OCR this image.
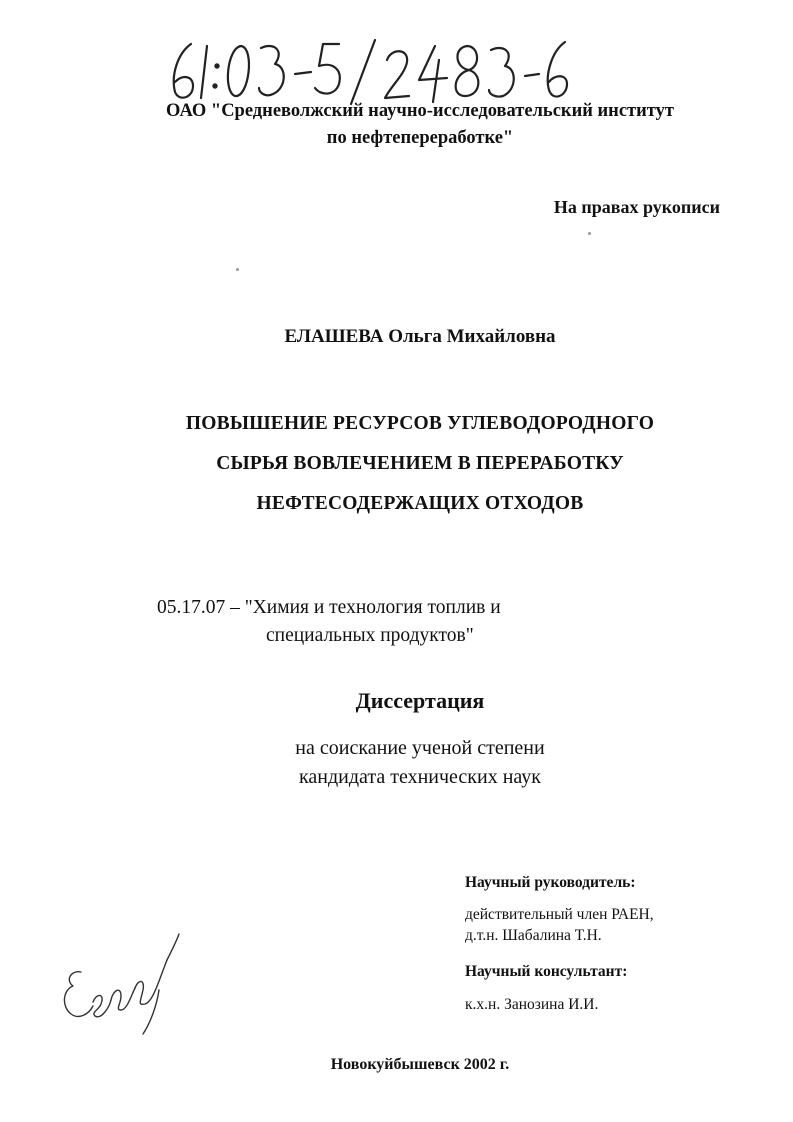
ОАО "Средневолжский научно-исследовательский институт
по нефтепереработке"
На правах рукописи
ЕЛАШЕВА Ольга Михайловна
ПОВЫШЕНИЕ РЕСУРСОВ УГЛЕВОДОРОДНОГО
СЫРЬЯ ВОВЛЕЧЕНИЕМ В ПЕРЕРАБОТКУ
НЕФТЕСОДЕРЖАЩИХ ОТХОДОВ
05.17.07 – "Химия и технология топлив и
специальных продуктов"
Диссертация
на соискание ученой степени
кандидата технических наук
Научный руководитель:
действительный член РАЕН,
д.т.н. Шабалина Т.Н.
Научный консультант:
к.х.н. Занозина И.И.
Новокуйбышевск 2002 г.
